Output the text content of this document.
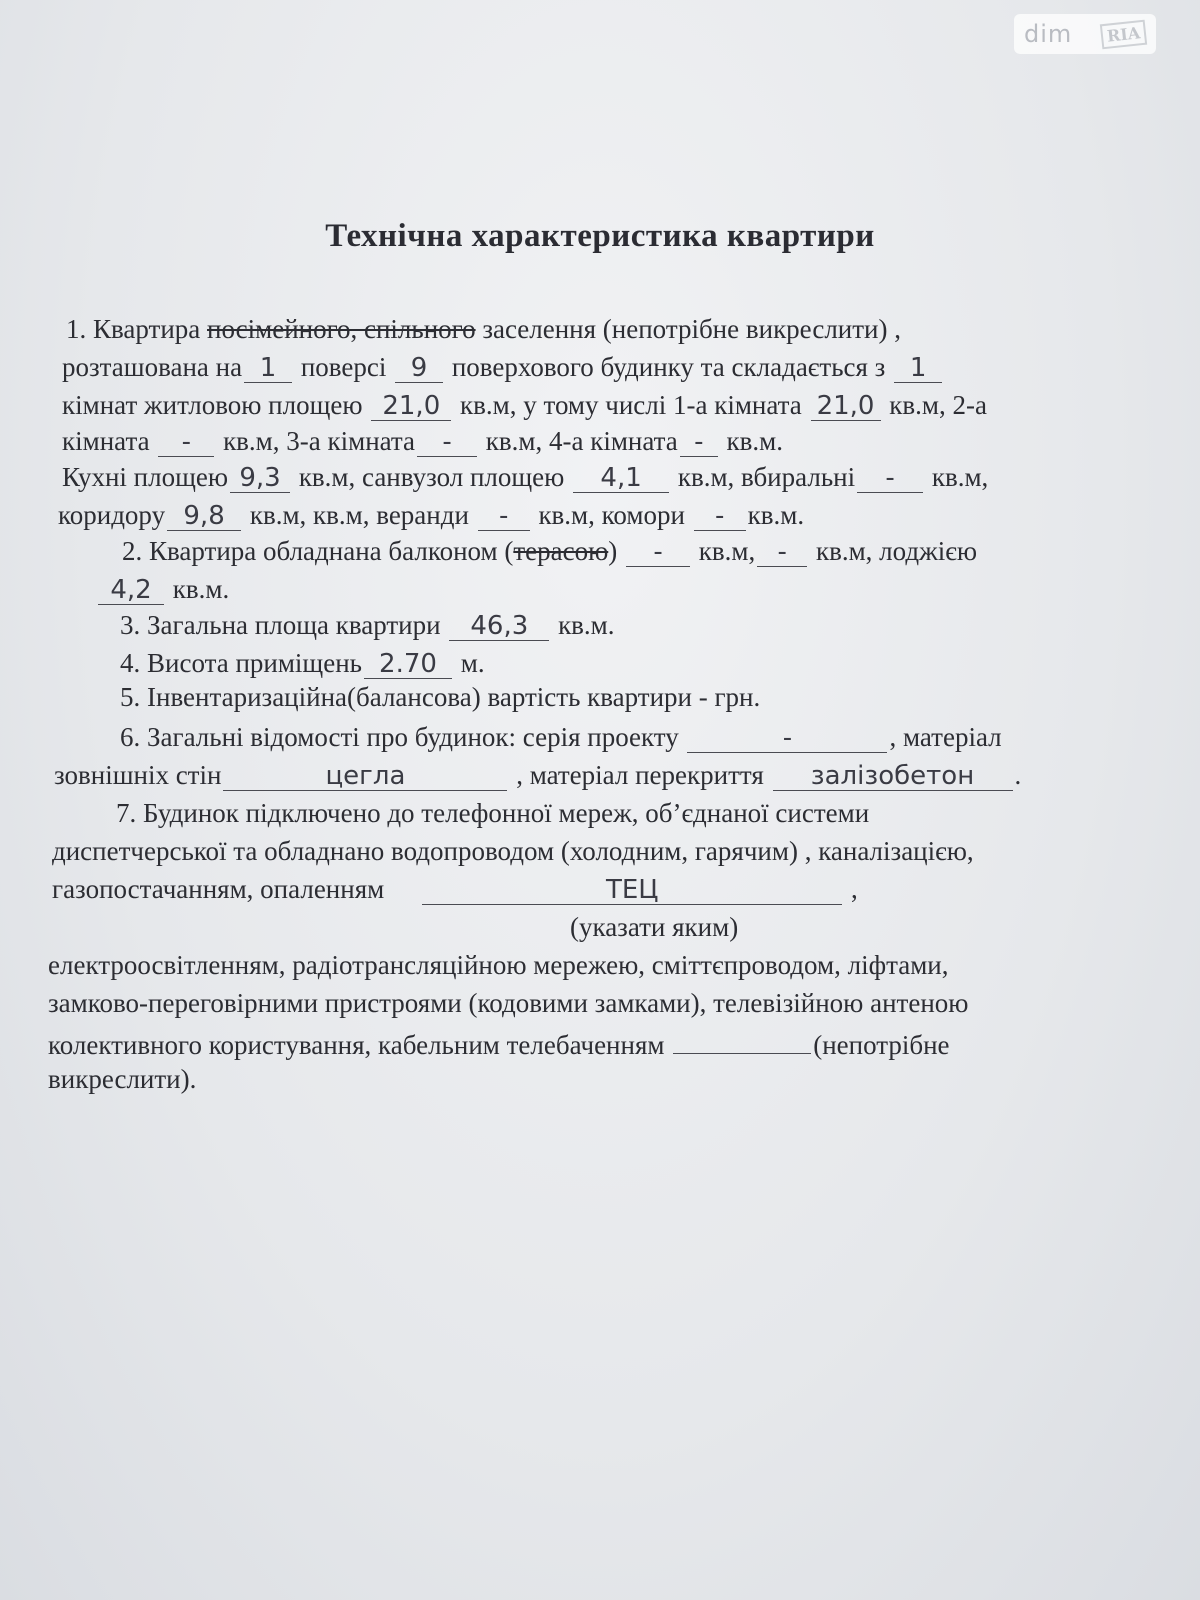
dim	RIA
Технічна характеристика квартири
1. Квартира посімейного, спільного заселення (непотрібне викреслити) ,
розташована на 1 поверсі 9 поверхового будинку та складається з 1
кімнат житловою площею 21,0 кв.м, у тому числі 1-а кімната 21,0 кв.м, 2-а
кімната - кв.м, 3-а кімната - кв.м, 4-а кімната - кв.м.
Кухні площею 9,3 кв.м, санвузол площею 4,1 кв.м, вбиральні - кв.м,
коридору 9,8 кв.м, кв.м, веранди - кв.м, комори - кв.м.
2. Квартира обладнана балконом (терасою) - кв.м, - кв.м, лоджією
4,2 кв.м.
3. Загальна площа квартири 46,3 кв.м.
4. Висота приміщень 2.70 м.
5. Інвентаризаційна(балансова) вартість квартири - грн.
6. Загальні відомості про будинок: серія проекту	-	, матеріал
зовнішніх стін	цегла	, матеріал перекриття залізобетон .
7. Будинок підключено до телефонної мереж, об’єднаної системи
диспетчерської та обладнано водопроводом (холодним, гарячим) , каналізацією,
газопостачанням, опаленням	ТЕЦ	,
(указати яким)
електроосвітленням, радіотрансляційною мережею, сміттєпроводом, ліфтами,
замково-переговірними пристроями (кодовими замками), телевізійною антеною
колективного користування, кабельним телебаченням	(непотрібне
викреслити).
